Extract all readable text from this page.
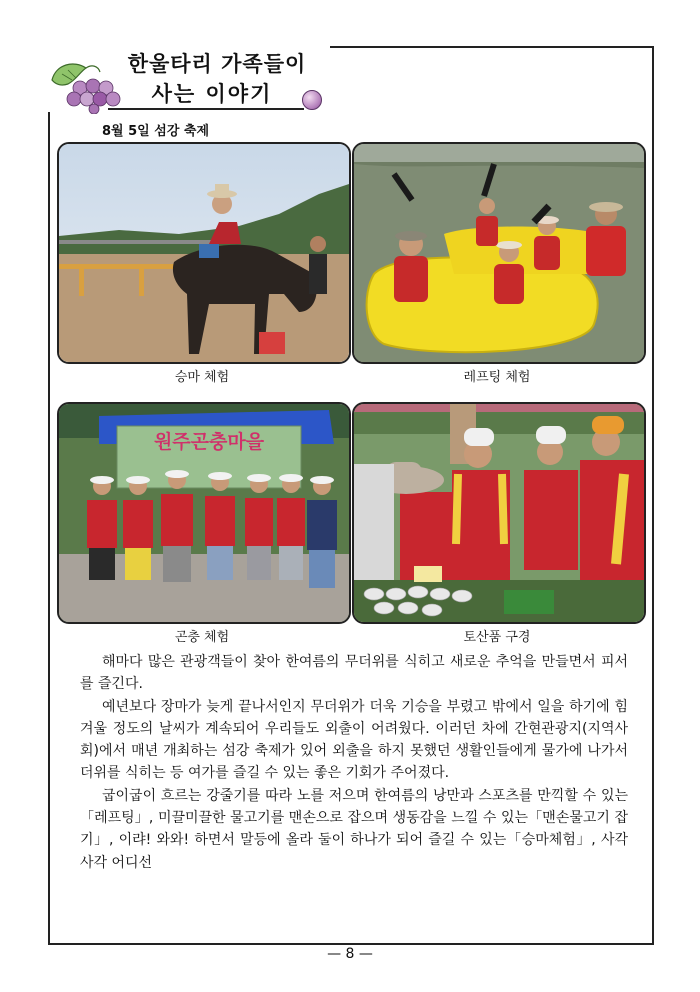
한울타리 가족들이
사는 이야기
8월 5일 섬강 축제
원주곤충마을
승마 체험	레프팅 체험
곤충 체험	토산품 구경

해마다 많은 관광객들이 찾아 한여름의 무더위를 식히고 새로운 추억을 만들면서 피서를 즐긴다.

예년보다 장마가 늦게 끝나서인지 무더위가 더욱 기승을 부렸고 밖에서 일을 하기에 힘겨울 정도의 날씨가 계속되어 우리들도 외출이 어려웠다. 이러던 차에 간현관광지(지역사회)에서 매년 개최하는 섬강 축제가 있어 외출을 하지 못했던 생활인들에게 물가에 나가서 더위를 식히는 등 여가를 즐길 수 있는 좋은 기회가 주어졌다.

굽이굽이 흐르는 강줄기를 따라 노를 저으며 한여름의 낭만과 스포츠를 만끽할 수 있는「레프팅」, 미끌미끌한 물고기를 맨손으로 잡으며 생동감을 느낄 수 있는「맨손물고기 잡기」, 이랴! 와와! 하면서 말등에 올라 둘이 하나가 되어 즐길 수 있는「승마체험」, 사각사각 어디선

— 8 —
